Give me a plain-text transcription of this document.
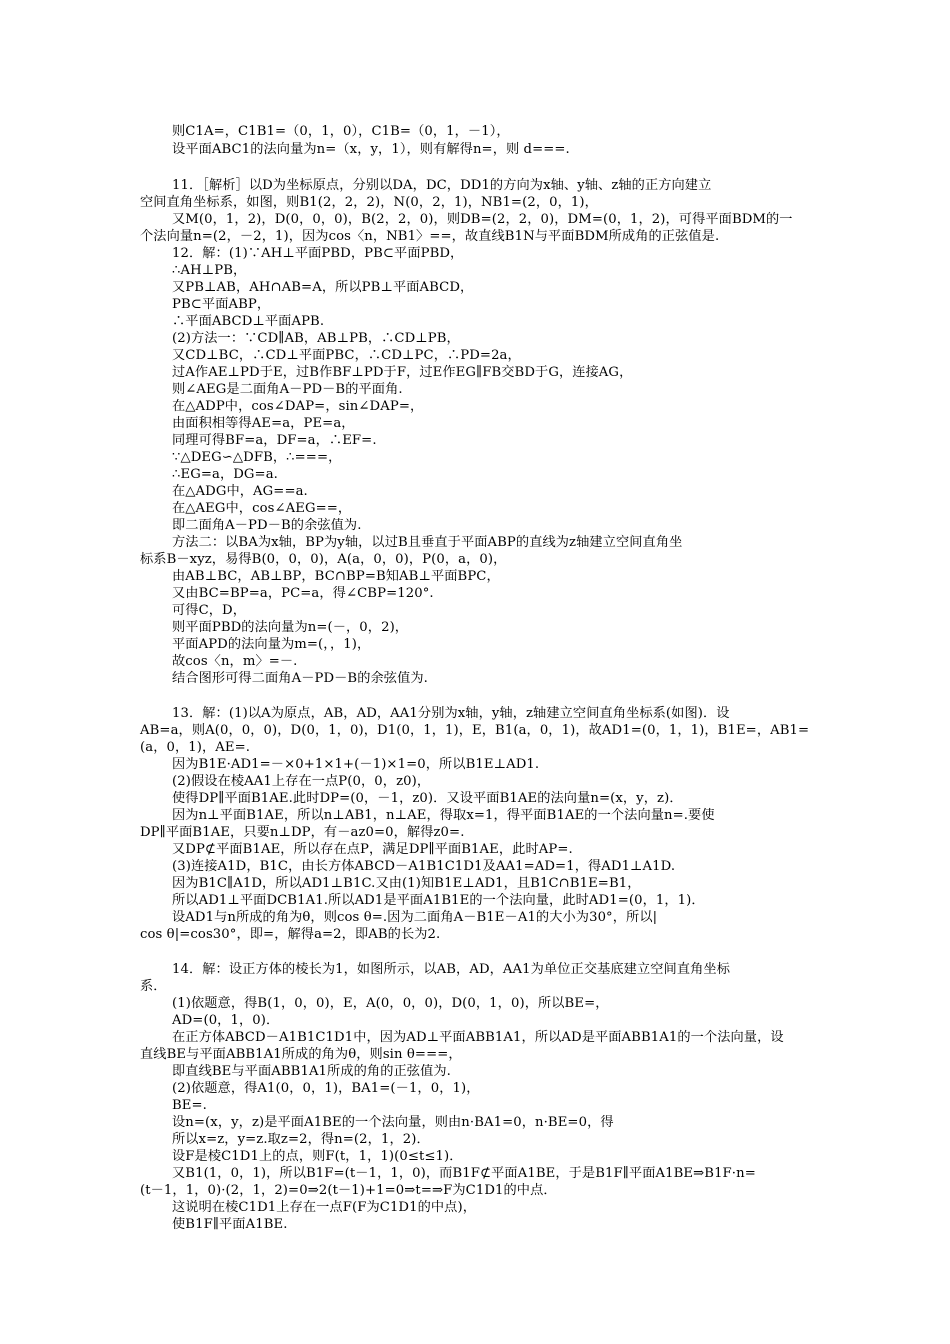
则C1A=，C1B1=（0，1，0），C1B=（0，1，－1），
设平面ABC1的法向量为n=（x，y，1），则有解得n=，则 d===.
11．［解析］以D为坐标原点，分别以DA，DC，DD1的方向为x轴、y轴、z轴的正方向建立
空间直角坐标系，如图，则B1(2，2，2)，N(0，2，1)，NB1=(2，0，1)，
又M(0，1，2)，D(0，0，0)，B(2，2，0)，则DB=(2，2，0)，DM=(0，1，2)，可得平面BDM的一
个法向量n=(2，－2，1)，因为cos〈n，NB1〉==，故直线B1N与平面BDM所成角的正弦值是.
12．解：(1)∵AH⊥平面PBD，PB⊂平面PBD，
∴AH⊥PB，
又PB⊥AB，AH∩AB=A，所以PB⊥平面ABCD，
PB⊂平面ABP，
∴平面ABCD⊥平面APB.
(2)方法一：∵CD∥AB，AB⊥PB，∴CD⊥PB，
又CD⊥BC，∴CD⊥平面PBC，∴CD⊥PC，∴PD=2a，
过A作AE⊥PD于E，过B作BF⊥PD于F，过E作EG∥FB交BD于G，连接AG，
则∠AEG是二面角A－PD－B的平面角.
在△ADP中，cos∠DAP=，sin∠DAP=，
由面积相等得AE=a，PE=a，
同理可得BF=a，DF=a，∴EF=.
∵△DEG∽△DFB，∴===，
∴EG=a，DG=a.
在△ADG中，AG==a.
在△AEG中，cos∠AEG==，
即二面角A－PD－B的余弦值为.
方法二：以BA为x轴，BP为y轴，以过B且垂直于平面ABP的直线为z轴建立空间直角坐
标系B－xyz，易得B(0，0，0)，A(a，0，0)，P(0，a，0)，
由AB⊥BC，AB⊥BP，BC∩BP=B知AB⊥平面BPC，
又由BC=BP=a，PC=a，得∠CBP=120°.
可得C，D，
则平面PBD的法向量为n=(－，0，2)，
平面APD的法向量为m=(，，1)，
故cos〈n，m〉=－.
结合图形可得二面角A－PD－B的余弦值为.
13．解：(1)以A为原点，AB，AD，AA1分别为x轴，y轴，z轴建立空间直角坐标系(如图)．设
AB=a，则A(0，0，0)，D(0，1，0)，D1(0，1，1)，E，B1(a，0，1)，故AD1=(0，1，1)，B1E=，AB1=
(a，0，1)，AE=.
因为B1E·AD1=－×0+1×1+(－1)×1=0，所以B1E⊥AD1.
(2)假设在棱AA1上存在一点P(0，0，z0)，
使得DP∥平面B1AE.此时DP=(0，－1，z0)．又设平面B1AE的法向量n=(x，y，z)．
因为n⊥平面B1AE，所以n⊥AB1，n⊥AE，得取x=1，得平面B1AE的一个法向量n=.要使
DP∥平面B1AE，只要n⊥DP，有－az0=0，解得z0=.
又DP⊄平面B1AE，所以存在点P，满足DP∥平面B1AE，此时AP=.
(3)连接A1D，B1C，由长方体ABCD－A1B1C1D1及AA1=AD=1，得AD1⊥A1D.
因为B1C∥A1D，所以AD1⊥B1C.又由(1)知B1E⊥AD1，且B1C∩B1E=B1，
所以AD1⊥平面DCB1A1.所以AD1是平面A1B1E的一个法向量，此时AD1=(0，1，1)．
设AD1与n所成的角为θ，则cos θ=.因为二面角A－B1E－A1的大小为30°，所以|
cos θ|=cos30°，即=，解得a=2，即AB的长为2.
14．解：设正方体的棱长为1，如图所示，以AB，AD，AA1为单位正交基底建立空间直角坐标
系．
(1)依题意，得B(1，0，0)，E，A(0，0，0)，D(0，1，0)，所以BE=，
AD=(0，1，0)．
在正方体ABCD－A1B1C1D1中，因为AD⊥平面ABB1A1，所以AD是平面ABB1A1的一个法向量，设
直线BE与平面ABB1A1所成的角为θ，则sin θ===，
即直线BE与平面ABB1A1所成的角的正弦值为.
(2)依题意，得A1(0，0，1)，BA1=(－1，0，1)，
BE=.
设n=(x，y，z)是平面A1BE的一个法向量，则由n·BA1=0，n·BE=0，得
所以x=z，y=z.取z=2，得n=(2，1，2)．
设F是棱C1D1上的点，则F(t，1，1)(0≤t≤1)．
又B1(1，0，1)，所以B1F=(t－1，1，0)，而B1F⊄平面A1BE，于是B1F∥平面A1BE⇒B1F·n=
(t－1，1，0)·(2，1，2)=0⇒2(t－1)+1=0⇒t=⇒F为C1D1的中点．
这说明在棱C1D1上存在一点F(F为C1D1的中点)，
使B1F∥平面A1BE.
